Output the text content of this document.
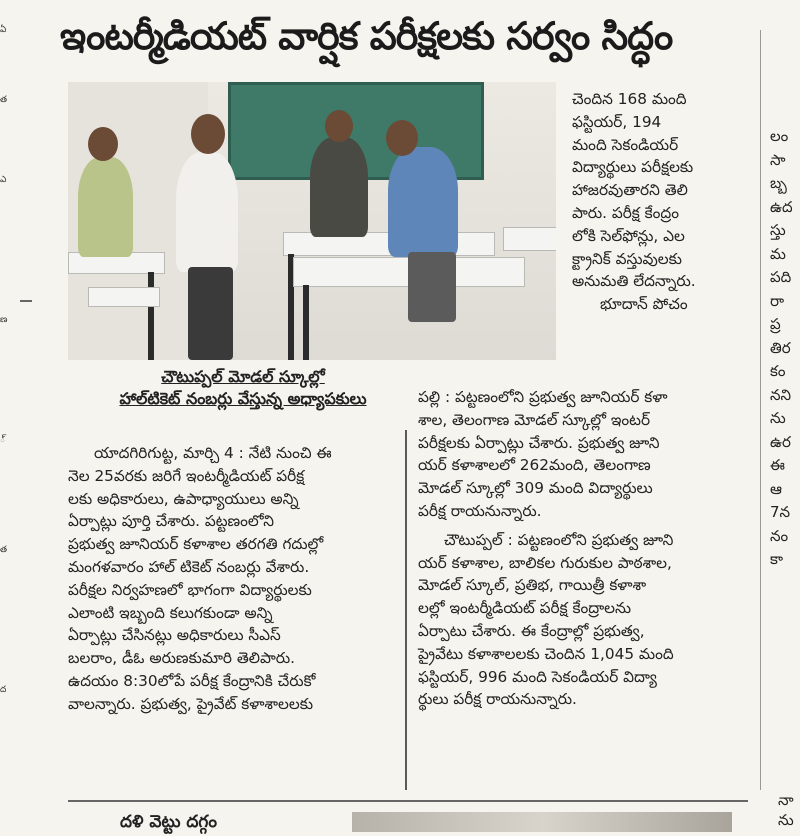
ఏ
త
ఎ
ణ
్
త
ద
ఇంటర్మీడియట్ వార్షిక పరీక్షలకు సర్వం సిద్ధం
చౌటుప్పల్ మోడల్ స్కూల్లో
హాల్‌టికెట్ నంబర్లు వేస్తున్న అధ్యాపకులు

చెందిన 168 మంది

ఫస్టియర్, 194

మంది సెకండియర్

విద్యార్థులు పరీక్షలకు

హాజరవుతారని తెలి

పారు. పరీక్ష కేంద్రం

లోకి సెల్‌ఫోన్లు, ఎల

క్ట్రానిక్ వస్తువులకు

అనుమతి లేదన్నారు.

భూదాన్ పోచం

పల్లి : పట్టణంలోని ప్రభుత్వ జూనియర్ కళా

శాల, తెలంగాణ మోడల్ స్కూల్లో ఇంటర్

పరీక్షలకు ఏర్పాట్లు చేశారు. ప్రభుత్వ జూని

యర్ కళాశాలలో 262మంది, తెలంగాణ

మోడల్ స్కూల్లో 309 మంది విద్యార్థులు

పరీక్ష రాయనున్నారు.

చౌటుప్పల్ : పట్టణంలోని ప్రభుత్వ జూని

యర్ కళాశాల, బాలికల గురుకుల పాఠశాల,

మోడల్ స్కూల్, ప్రతిభ, గాయిత్రీ కళాశా

లల్లో ఇంటర్మీడియట్ పరీక్ష కేంద్రాలను

ఏర్పాటు చేశారు. ఈ కేంద్రాల్లో ప్రభుత్వ,

ప్రైవేటు కళాశాలలకు చెందిన 1,045 మంది

ఫస్టియర్, 996 మంది సెకండియర్ విద్యా

ర్థులు పరీక్ష రాయనున్నారు.

యాదగిరిగుట్ట, మార్చి 4 : నేటి నుంచి ఈ

నెల 25వరకు జరిగే ఇంటర్మీడియట్ పరీక్ష

లకు అధికారులు, ఉపాధ్యాయులు అన్ని

ఏర్పాట్లు పూర్తి చేశారు. పట్టణంలోని

ప్రభుత్వ జూనియర్ కళాశాల తరగతి గదుల్లో

మంగళవారం హాల్ టికెట్ నంబర్లు వేశారు.

పరీక్షల నిర్వహణలో భాగంగా విద్యార్థులకు

ఎలాంటి ఇబ్బంది కలుగకుండా అన్ని

ఏర్పాట్లు చేసినట్లు అధికారులు సీఎస్

బలరాం, డీఓ అరుణకుమారి తెలిపారు.

ఉదయం 8:30లోపే పరీక్ష కేంద్రానికి చేరుకో

వాలన్నారు. ప్రభుత్వ, ప్రైవేట్ కళాశాలలకు

లం
సా
బ్బ
ఉద
స్తు
మ
పది
రా
ప్ర
తిర
కం
నని
ను
ఉర
ఈ
ఆ
7న
నం
కా
దళి వెట్టు దగ్గం
నా
ను
